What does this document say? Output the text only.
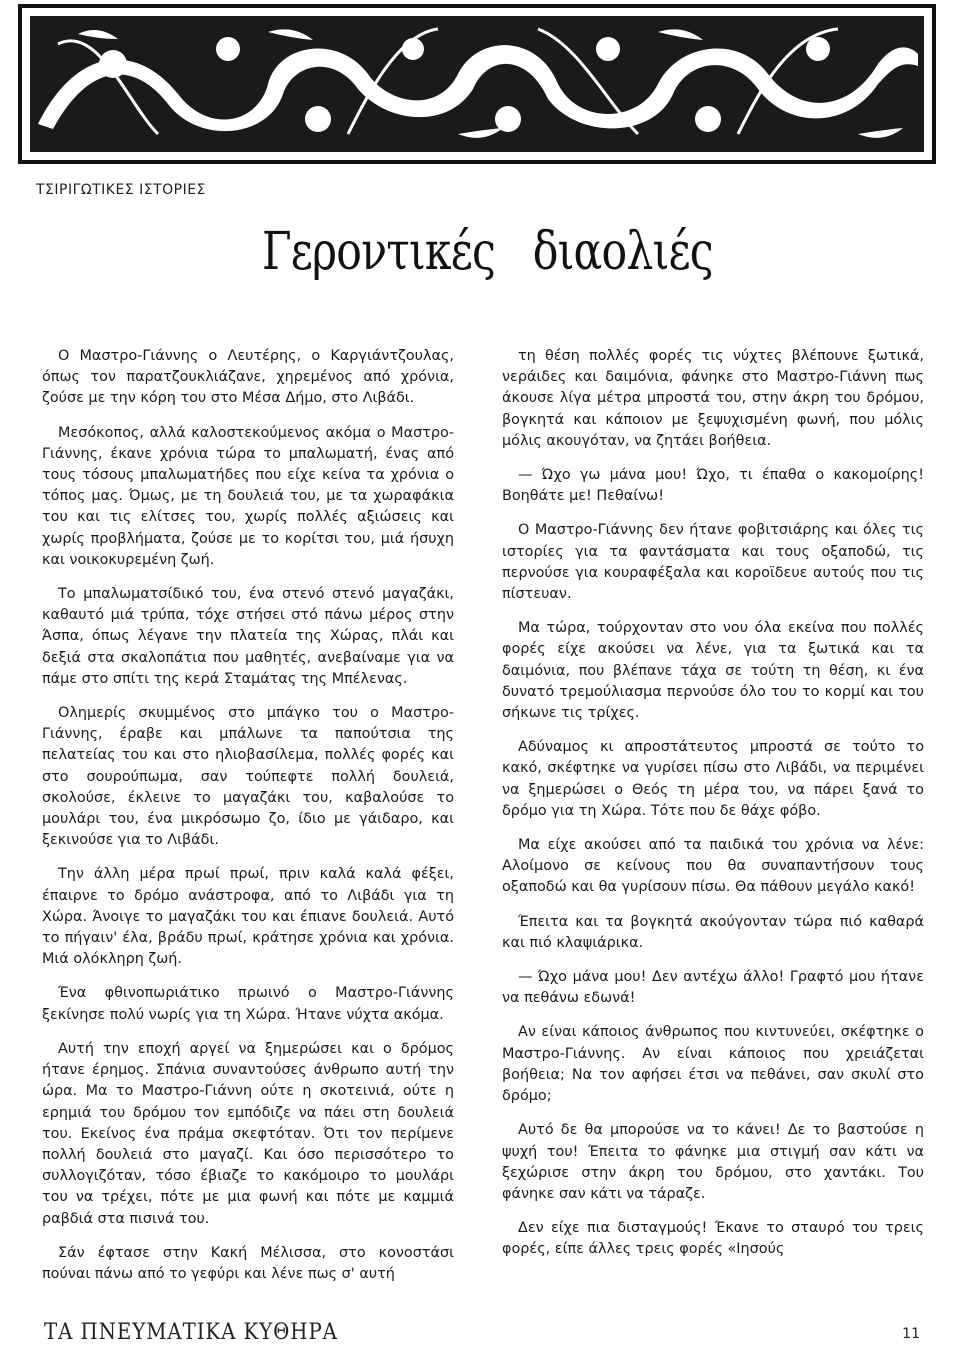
ΤΣΙΡΙΓΩΤΙΚΕΣ ΙΣΤΟΡΙΕΣ
Γεροντικές διαολιές

Ο Μαστρο-Γιάννης ο Λευτέρης, ο Καργιάντζουλας, όπως τον παρατζουκλιάζανε, χηρεμένος από χρόνια, ζούσε με την κόρη του στο Μέσα Δήμο, στο Λιβάδι.

Μεσόκοπος, αλλά καλοστεκούμενος ακόμα ο Μαστρο-Γιάννης, έκανε χρόνια τώρα το μπαλωματή, ένας από τους τόσους μπαλωματήδες που είχε κείνα τα χρόνια ο τόπος μας. Όμως, με τη δουλειά του, με τα χωραφάκια του και τις ελίτσες του, χωρίς πολλές αξιώσεις και χωρίς προβλήματα, ζούσε με το κορίτσι του, μιά ήσυχη και νοικοκυρεμένη ζωή.

Το μπαλωματσίδικό του, ένα στενό στενό μαγαζάκι, καθαυτό μιά τρύπα, τόχε στήσει στό πάνω μέρος στην Άσπα, όπως λέγανε την πλατεία της Χώρας, πλάι και δεξιά στα σκαλοπάτια που μαθητές, ανεβαίναμε για να πάμε στο σπίτι της κερά Σταμάτας της Μπέλενας.

Ολημερίς σκυμμένος στο μπάγκο του ο Μαστρο-Γιάννης, έραβε και μπάλωνε τα παπούτσια της πελατείας του και στο ηλιοβασίλεμα, πολλές φορές και στο σουρούπωμα, σαν τούπεφτε πολλή δουλειά, σκολούσε, έκλεινε το μαγαζάκι του, καβαλούσε το μουλάρι του, ένα μικρόσωμο ζο, ίδιο με γάιδαρο, και ξεκινούσε για το Λιβάδι.

Την άλλη μέρα πρωί πρωί, πριν καλά καλά φέξει, έπαιρνε το δρόμο ανάστροφα, από το Λιβάδι για τη Χώρα. Άνοιγε το μαγαζάκι του και έπιανε δουλειά. Αυτό το πήγαιν' έλα, βράδυ πρωί, κράτησε χρόνια και χρόνια. Μιά ολόκληρη ζωή.

Ένα φθινοπωριάτικο πρωινό ο Μαστρο-Γιάννης ξεκίνησε πολύ νωρίς για τη Χώρα. Ήτανε νύχτα ακόμα.

Αυτή την εποχή αργεί να ξημερώσει και ο δρόμος ήτανε έρημος. Σπάνια συναντούσες άνθρωπο αυτή την ώρα. Μα το Μαστρο-Γιάννη ούτε η σκοτεινιά, ούτε η ερημιά του δρόμου τον εμπόδιζε να πάει στη δουλειά του. Εκείνος ένα πράμα σκεφτόταν. Ότι τον περίμενε πολλή δουλειά στο μαγαζί. Και όσο περισσότερο το συλλογιζόταν, τόσο έβιαζε το κακόμοιρο το μουλάρι του να τρέχει, πότε με μια φωνή και πότε με καμμιά ραβδιά στα πισινά του.

Σάν έφτασε στην Κακή Μέλισσα, στο κονοστάσι πούναι πάνω από το γεφύρι και λένε πως σ' αυτή

τη θέση πολλές φορές τις νύχτες βλέπουνε ξωτικά, νεράιδες και δαιμόνια, φάνηκε στο Μαστρο-Γιάννη πως άκουσε λίγα μέτρα μπροστά του, στην άκρη του δρόμου, βογκητά και κάποιον με ξεψυχισμένη φωνή, που μόλις μόλις ακουγόταν, να ζητάει βοήθεια.

— Ώχο γω μάνα μου! Ώχο, τι έπαθα ο κακομοίρης! Βοηθάτε με! Πεθαίνω!

Ο Μαστρο-Γιάννης δεν ήτανε φοβιτσιάρης και όλες τις ιστορίες για τα φαντάσματα και τους οξαποδώ, τις περνούσε για κουραφέξαλα και κοροϊδευε αυτούς που τις πίστευαν.

Μα τώρα, τούρχονταν στο νου όλα εκείνα που πολλές φορές είχε ακούσει να λένε, για τα ξωτικά και τα δαιμόνια, που βλέπανε τάχα σε τούτη τη θέση, κι ένα δυνατό τρεμούλιασμα περνούσε όλο του το κορμί και του σήκωνε τις τρίχες.

Αδύναμος κι απροστάτευτος μπροστά σε τούτο το κακό, σκέφτηκε να γυρίσει πίσω στο Λιβάδι, να περιμένει να ξημερώσει ο Θεός τη μέρα του, να πάρει ξανά το δρόμο για τη Χώρα. Τότε που δε θάχε φόβο.

Μα είχε ακούσει από τα παιδικά του χρόνια να λένε: Αλοίμονο σε κείνους που θα συναπαντήσουν τους οξαποδώ και θα γυρίσουν πίσω. Θα πάθουν μεγάλο κακό!

Έπειτα και τα βογκητά ακούγονταν τώρα πιό καθαρά και πιό κλαψιάρικα.

— Ώχο μάνα μου! Δεν αντέχω άλλο! Γραφτό μου ήτανε να πεθάνω εδωνά!

Αν είναι κάποιος άνθρωπος που κιντυνεύει, σκέφτηκε ο Μαστρο-Γιάννης. Αν είναι κάποιος που χρειάζεται βοήθεια; Να τον αφήσει έτσι να πεθάνει, σαν σκυλί στο δρόμο;

Αυτό δε θα μπορούσε να το κάνει! Δε το βαστούσε η ψυχή του! Έπειτα το φάνηκε μια στιγμή σαν κάτι να ξεχώρισε στην άκρη του δρόμου, στο χαντάκι. Του φάνηκε σαν κάτι να τάραζε.

Δεν είχε πια δισταγμούς! Έκανε το σταυρό του τρεις φορές, είπε άλλες τρεις φορές «Ιησούς

ΤΑ ΠΝΕΥΜΑΤΙΚΑ ΚΥΘΗΡΑ	11
